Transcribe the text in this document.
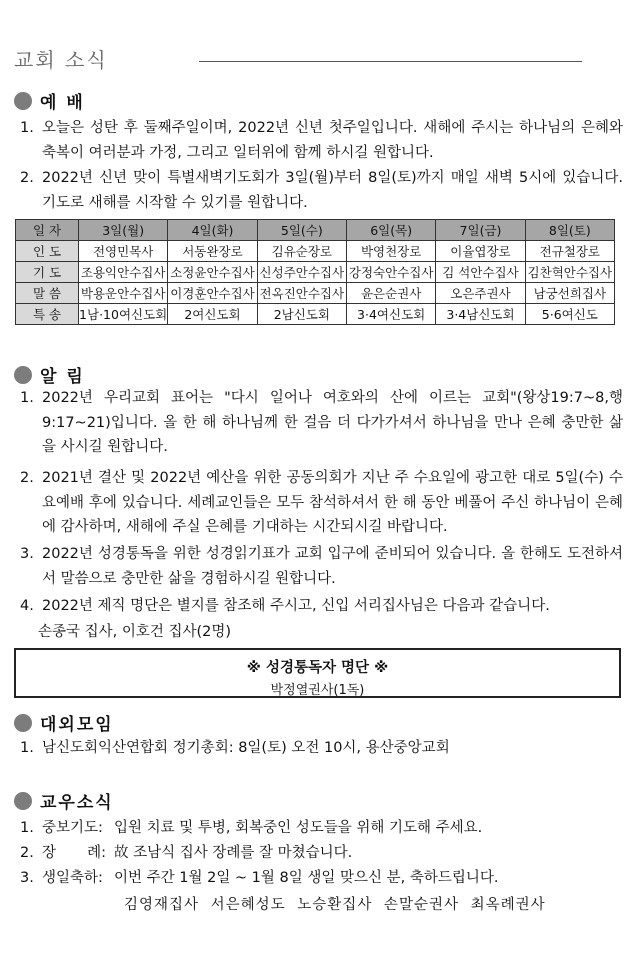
교회 소식
예 배
1. 오늘은 성탄 후 둘째주일이며, 2022년 신년 첫주일입니다. 새해에 주시는 하나님의 은혜와 축복이 여러분과 가정, 그리고 일터위에 함께 하시길 원합니다.
2. 2022년 신년 맞이 특별새벽기도회가 3일(월)부터 8일(토)까지 매일 새벽 5시에 있습니다. 기도로 새해를 시작할 수 있기를 원합니다.
일 자	3일(월)	4일(화)	5일(수)	6일(목)	7일(금)	8일(토)
인 도	전영민목사	서동완장로	김유순장로	박영천장로	이율엽장로	전규철장로
기 도	조용익안수집사	소정윤안수집사	신성주안수집사	강정숙안수집사	김 석안수집사	김찬혁안수집사
말 씀	박용운안수집사	이경훈안수집사	전옥진안수집사	윤은순권사	오은주권사	남궁선희집사
특 송	1남·10여신도회	2여신도회	2남신도회	3·4여신도회	3·4남신도회	5·6여신도
알 림
1. 2022년 우리교회 표어는 "다시 일어나 여호와의 산에 이르는 교회"(왕상19:7~8,행9:17~21)입니다. 올 한 해 하나님께 한 걸음 더 다가가셔서 하나님을 만나 은혜 충만한 삶을 사시길 원합니다.
2. 2021년 결산 및 2022년 예산을 위한 공동의회가 지난 주 수요일에 광고한 대로 5일(수) 수요예배 후에 있습니다. 세례교인들은 모두 참석하셔서 한 해 동안 베풀어 주신 하나님이 은혜에 감사하며, 새해에 주실 은혜를 기대하는 시간되시길 바랍니다.
3. 2022년 성경통독을 위한 성경읽기표가 교회 입구에 준비되어 있습니다. 올 한해도 도전하셔서 말씀으로 충만한 삶을 경험하시길 원합니다.
4. 2022년 제직 명단은 별지를 참조해 주시고, 신입 서리집사님은 다음과 같습니다.
손종국 집사, 이호건 집사(2명)
※ 성경통독자 명단 ※
박정열권사(1독)
대외모임
1. 남신도회익산연합회 정기총회: 8일(토) 오전 10시, 용산중앙교회
교우소식
1. 중보기도: 입원 치료 및 투병, 회복중인 성도들을 위해 기도해 주세요.
2. 장 례: 故 조남식 집사 장례를 잘 마쳤습니다.
3. 생일축하: 이번 주간 1월 2일 ~ 1월 8일 생일 맞으신 분, 축하드립니다.
김영재집사 서은혜성도 노승환집사 손말순권사 최옥례권사
